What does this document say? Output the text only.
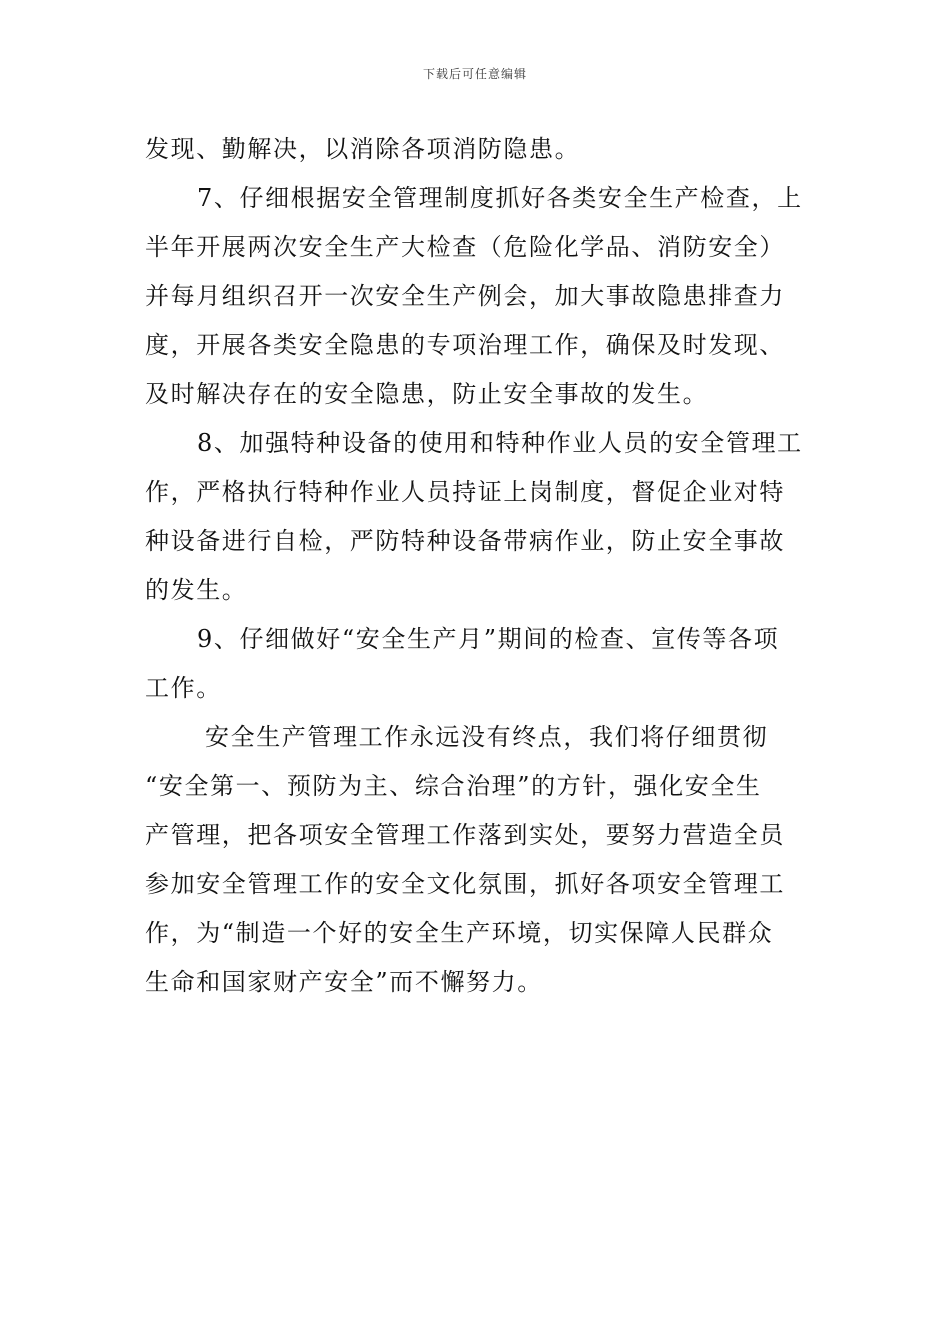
下载后可任意编辑
发现、勤解决，以消除各项消防隐患。
7、仔细根据安全管理制度抓好各类安全生产检查，上
半年开展两次安全生产大检查（危险化学品、消防安全）
并每月组织召开一次安全生产例会，加大事故隐患排查力
度，开展各类安全隐患的专项治理工作，确保及时发现、
及时解决存在的安全隐患，防止安全事故的发生。
8、加强特种设备的使用和特种作业人员的安全管理工
作，严格执行特种作业人员持证上岗制度，督促企业对特
种设备进行自检，严防特种设备带病作业，防止安全事故
的发生。
9、仔细做好“安全生产月”期间的检查、宣传等各项
工作。
安全生产管理工作永远没有终点，我们将仔细贯彻
“安全第一、预防为主、综合治理”的方针，强化安全生
产管理，把各项安全管理工作落到实处，要努力营造全员
参加安全管理工作的安全文化氛围，抓好各项安全管理工
作，为“制造一个好的安全生产环境，切实保障人民群众
生命和国家财产安全”而不懈努力。
